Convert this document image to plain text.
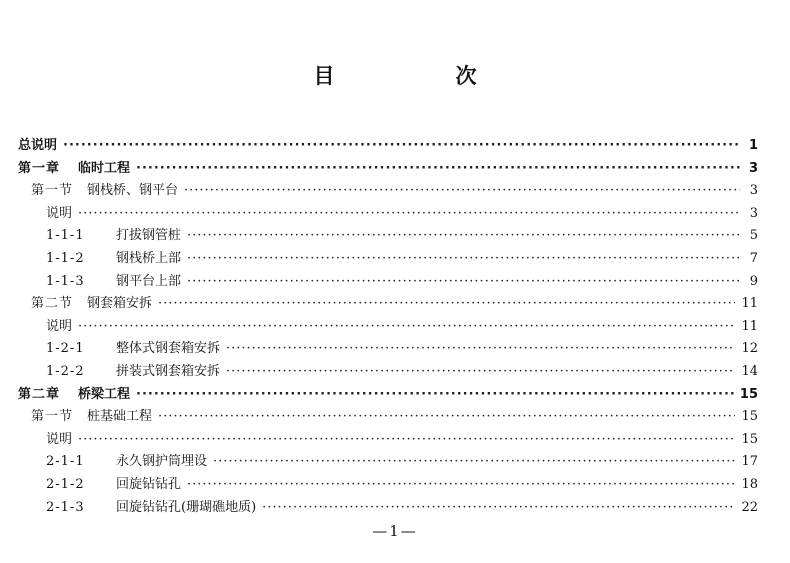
目　次
总说明 ·····	1
第一章 临时工程 ·····	3
第一节 钢栈桥、钢平台 ·····	3
说明 ·····	3
1-1-1	打拔钢管桩 ·····	5
1-1-2	钢栈桥上部 ·····	7
1-1-3	钢平台上部 ·····	9
第二节 钢套箱安拆 ·····	11
说明 ·····	11
1-2-1	整体式钢套箱安拆 ·····	12
1-2-2	拼装式钢套箱安拆 ·····	14
第二章 桥梁工程 ·····	15
第一节 桩基础工程 ·····	15
说明 ·····	15
2-1-1	永久钢护筒埋设 ·····	17
2-1-2	回旋钻钻孔 ·····	18
2-1-3	回旋钻钻孔(珊瑚礁地质) ·····	22
—1—
